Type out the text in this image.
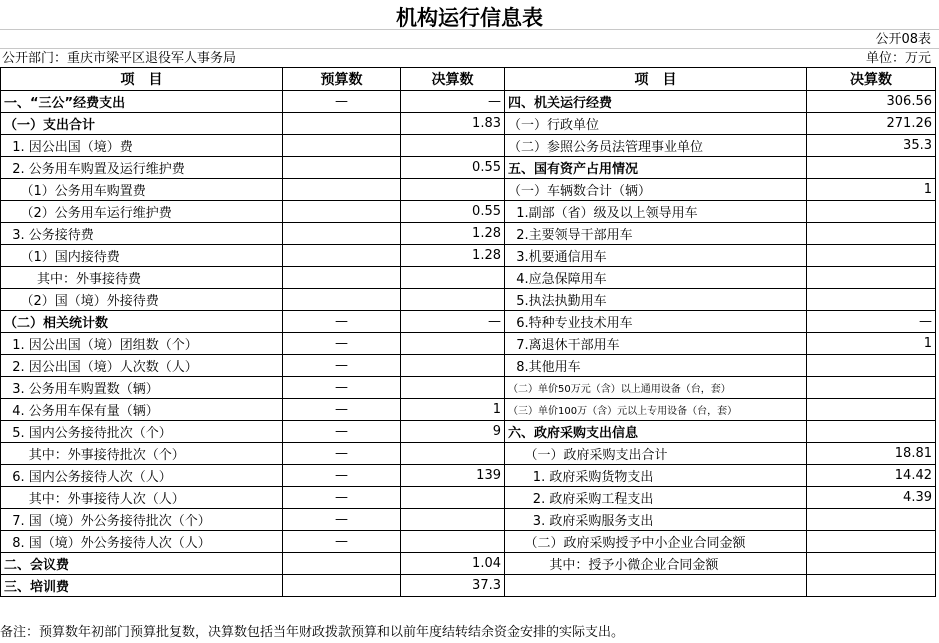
机构运行信息表
公开08表
公开部门：重庆市梁平区退役军人事务局	单位：万元
项　目	预算数	决算数	项　目	决算数
一、“三公”经费支出	—	—	四、机关运行经费	306.56
（一）支出合计		1.83	（一）行政单位	271.26
1. 因公出国（境）费			（二）参照公务员法管理事业单位	35.3
2. 公务用车购置及运行维护费		0.55	五、国有资产占用情况	
（1）公务用车购置费			（一）车辆数合计（辆）	1
（2）公务用车运行维护费		0.55	1.副部（省）级及以上领导用车	
3. 公务接待费		1.28	2.主要领导干部用车	
（1）国内接待费		1.28	3.机要通信用车	
其中：外事接待费			4.应急保障用车	
（2）国（境）外接待费			5.执法执勤用车	
（二）相关统计数	—	—	6.特种专业技术用车	—
1. 因公出国（境）团组数（个）	—		7.离退休干部用车	1
2. 因公出国（境）人次数（人）	—		8.其他用车	
3. 公务用车购置数（辆）	—		（二）单价50万元（含）以上通用设备（台，套）	
4. 公务用车保有量（辆）	—	1	（三）单价100万（含）元以上专用设备（台，套）	
5. 国内公务接待批次（个）	—	9	六、政府采购支出信息	
其中：外事接待批次（个）	—		（一）政府采购支出合计	18.81
6. 国内公务接待人次（人）	—	139	1. 政府采购货物支出	14.42
其中：外事接待人次（人）	—		2. 政府采购工程支出	4.39
7. 国（境）外公务接待批次（个）	—		3. 政府采购服务支出	
8. 国（境）外公务接待人次（人）	—		（二）政府采购授予中小企业合同金额	
二、会议费		1.04	其中：授予小微企业合同金额	
三、培训费		37.3		
备注：预算数年初部门预算批复数，决算数包括当年财政拨款预算和以前年度结转结余资金安排的实际支出。
